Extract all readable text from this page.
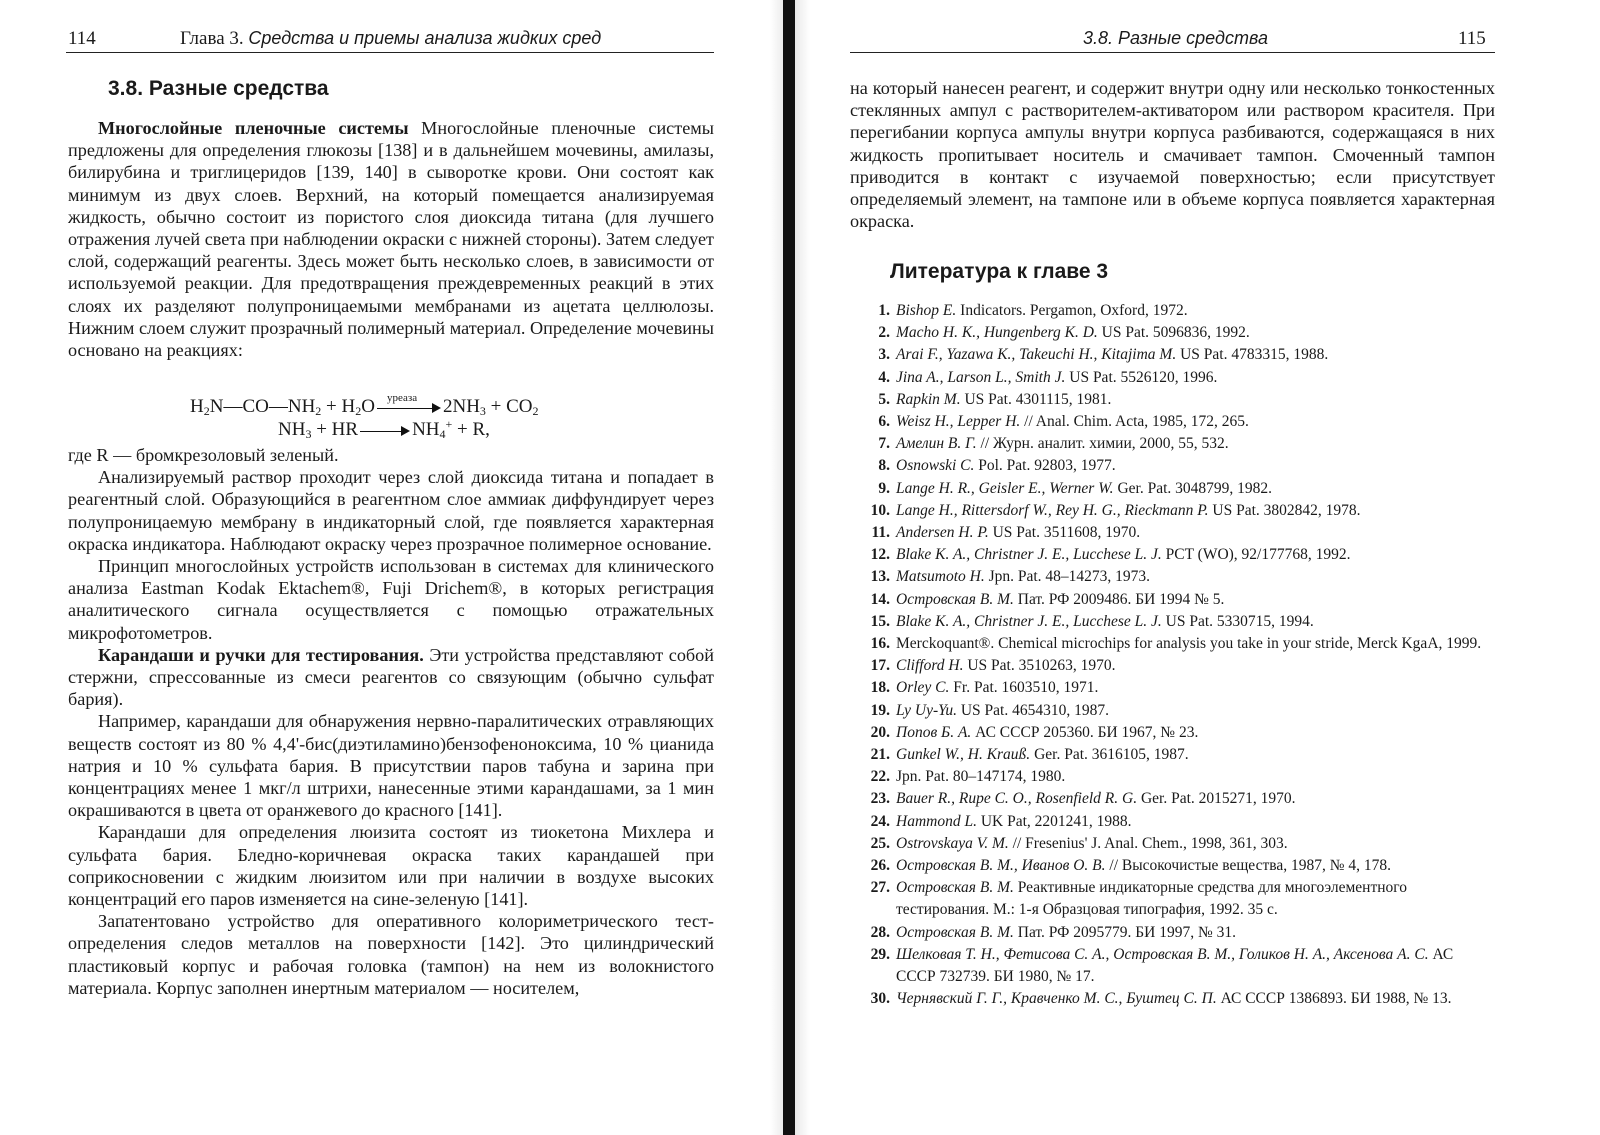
114	Глава 3. Средства и приемы анализа жидких сред
3.8. Разные средства

Многослойные пленочные системы Многослойные пленочные системы предложены для определения глюкозы [138] и в дальнейшем мочевины, амилазы, билирубина и триглицеридов [139, 140] в сыворотке крови. Они состоят как минимум из двух слоев. Верхний, на который помещается анализируемая жидкость, обычно состоит из пористого слоя диоксида титана (для лучшего отражения лучей света при наблюдении окраски с нижней стороны). Затем следует слой, содержащий реагенты. Здесь может быть несколько слоев, в зависимости от используемой реакции. Для предотвращения преждевременных реакций в этих слоях их разделяют полупроницаемыми мембранами из ацетата целлюлозы. Нижним слоем служит прозрачный полимерный материал. Определение мочевины основано на реакциях:

$H_2N—CO—NH_2 + H_2O$ уреаза $2NH_3 + CO_2$
$NH_3$ + HR	$NH_4^+ + R$,

где R — бромкрезоловый зеленый.

Анализируемый раствор проходит через слой диоксида титана и попадает в реагентный слой. Образующийся в реагентном слое аммиак диффундирует через полупроницаемую мембрану в индикаторный слой, где появляется характерная окраска индикатора. Наблюдают окраску через прозрачное полимерное основание.

Принцип многослойных устройств использован в системах для клинического анализа Eastman Kodak Ektachem®, Fuji Drichem®, в которых регистрация аналитического сигнала осуществляется с помощью отражательных микрофотометров.

Карандаши и ручки для тестирования. Эти устройства представляют собой стержни, спрессованные из смеси реагентов со связующим (обычно сульфат бария).

Например, карандаши для обнаружения нервно-паралитических отравляющих веществ состоят из 80 % 4,4'-бис(диэтиламино)бензофеноноксима, 10 % цианида натрия и 10 % сульфата бария. В присутствии паров табуна и зарина при концентрациях менее 1 мкг/л штрихи, нанесенные этими карандашами, за 1 мин окрашиваются в цвета от оранжевого до красного [141].

Карандаши для определения люизита состоят из тиокетона Михлера и сульфата бария. Бледно-коричневая окраска таких карандашей при соприкосновении с жидким люизитом или при наличии в воздухе высоких концентраций его паров изменяется на сине-зеленую [141].

Запатентовано устройство для оперативного колориметрического тест-определения следов металлов на поверхности [142]. Это цилиндрический пластиковый корпус и рабочая головка (тампон) на нем из волокнистого материала. Корпус заполнен инертным материалом — носителем,

3.8. Разные средства	115

на который нанесен реагент, и содержит внутри одну или несколько тонкостенных стеклянных ампул с растворителем-активатором или раствором красителя. При перегибании корпуса ампулы внутри корпуса разбиваются, содержащаяся в них жидкость пропитывает носитель и смачивает тампон. Смоченный тампон приводится в контакт с изучаемой поверхностью; если присутствует определяемый элемент, на тампоне или в объеме корпуса появляется характерная окраска.

Литература к главе 3
1. Bishop E. Indicators. Pergamon, Oxford, 1972.
2. Macho H. K., Hungenberg K. D. US Pat. 5096836, 1992.
3. Arai F., Yazawa K., Takeuchi H., Kitajima M. US Pat. 4783315, 1988.
4. Jina A., Larson L., Smith J. US Pat. 5526120, 1996.
5. Rapkin M. US Pat. 4301115, 1981.
6. Weisz H., Lepper H. // Anal. Chim. Acta, 1985, 172, 265.
7. Амелин В. Г. // Журн. аналит. химии, 2000, 55, 532.
8. Osnowski C. Pol. Pat. 92803, 1977.
9. Lange H. R., Geisler E., Werner W. Ger. Pat. 3048799, 1982.
10. Lange H., Rittersdorf W., Rey H. G., Rieckmann P. US Pat. 3802842, 1978.
11. Andersen H. P. US Pat. 3511608, 1970.
12. Blake K. A., Christner J. E., Lucchese L. J. PCT (WO), 92/177768, 1992.
13. Matsumoto H. Jpn. Pat. 48–14273, 1973.
14. Островская В. М. Пат. РФ 2009486. БИ 1994 № 5.
15. Blake K. A., Christner J. E., Lucchese L. J. US Pat. 5330715, 1994.
16. Merckoquant®. Chemical microchips for analysis you take in your stride, Merck KgaA, 1999.
17. Clifford H. US Pat. 3510263, 1970.
18. Orley C. Fr. Pat. 1603510, 1971.
19. Ly Uy-Yu. US Pat. 4654310, 1987.
20. Попов Б. А. АС СССР 205360. БИ 1967, № 23.
21. Gunkel W., H. Krauß. Ger. Pat. 3616105, 1987.
22. Jpn. Pat. 80–147174, 1980.
23. Bauer R., Rupe C. O., Rosenfield R. G. Ger. Pat. 2015271, 1970.
24. Hammond L. UK Pat, 2201241, 1988.
25. Ostrovskaya V. M. // Fresenius' J. Anal. Chem., 1998, 361, 303.
26. Островская В. М., Иванов О. В. // Высокочистые вещества, 1987, № 4, 178.
27. Островская В. М. Реактивные индикаторные средства для многоэлементного тестирования. М.: 1-я Образцовая типография, 1992. 35 с.
28. Островская В. М. Пат. РФ 2095779. БИ 1997, № 31.
29. Шелковая Т. Н., Фетисова С. А., Островская В. М., Голиков Н. А., Аксенова А. С. АС СССР 732739. БИ 1980, № 17.
30. Чернявский Г. Г., Кравченко М. С., Буштец С. П. АС СССР 1386893. БИ 1988, № 13.
